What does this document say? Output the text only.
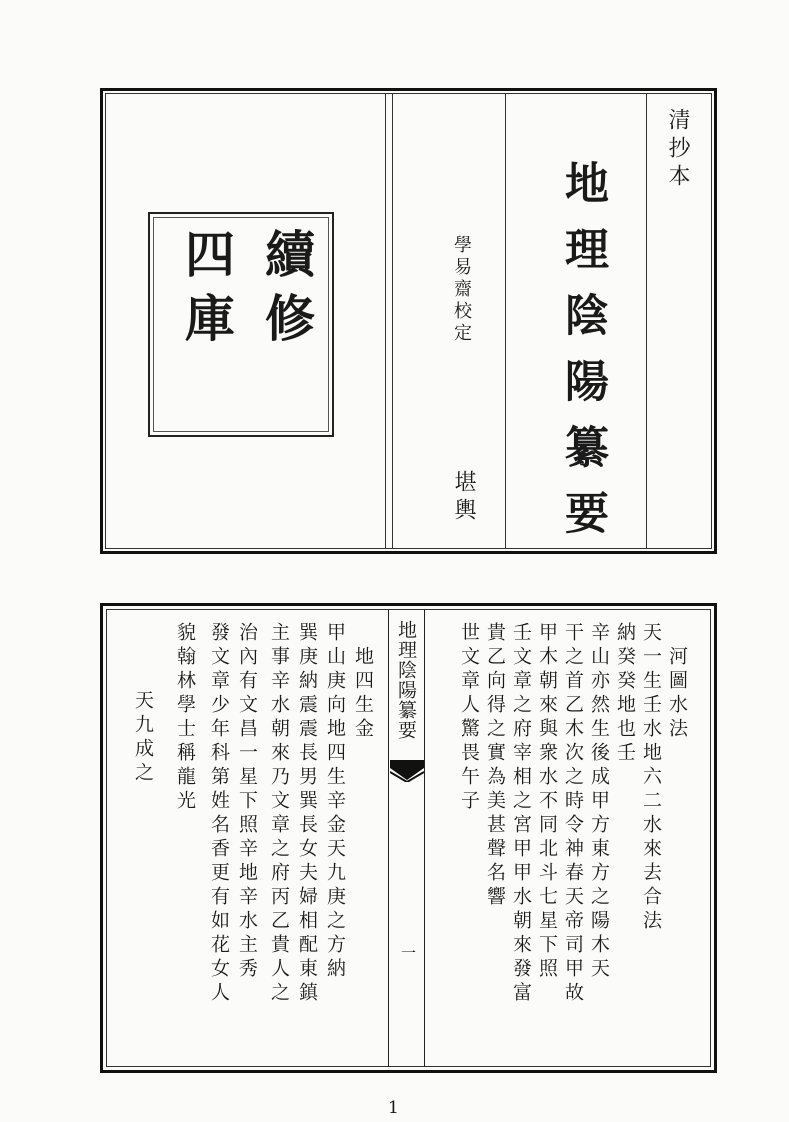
清抄本
地理陰陽纂要
學易齋校定
堪輿
續修
四庫
地理陰陽纂要
一
　河圖水法
天一生壬水地六二水來去合法
納癸癸地也壬
辛山亦然生後成甲方東方之陽木天
干之首乙木次之時令神春天帝司甲故
甲木朝來與衆水不同北斗七星下照
壬文章之府宰相之宮甲甲水朝來發富
貴乙向得之實為美甚聲名響
世文章人驚畏午子
　地四生金
甲山庚向地四生辛金天九庚之方納
巽庚納震震長男巽長女夫婦相配東鎮
主事辛水朝來乃文章之府丙乙貴人之
治內有文昌一星下照辛地辛水主秀
發文章少年科第姓名香更有如花女人
貌翰林學士稱龍光
天九成之
1
